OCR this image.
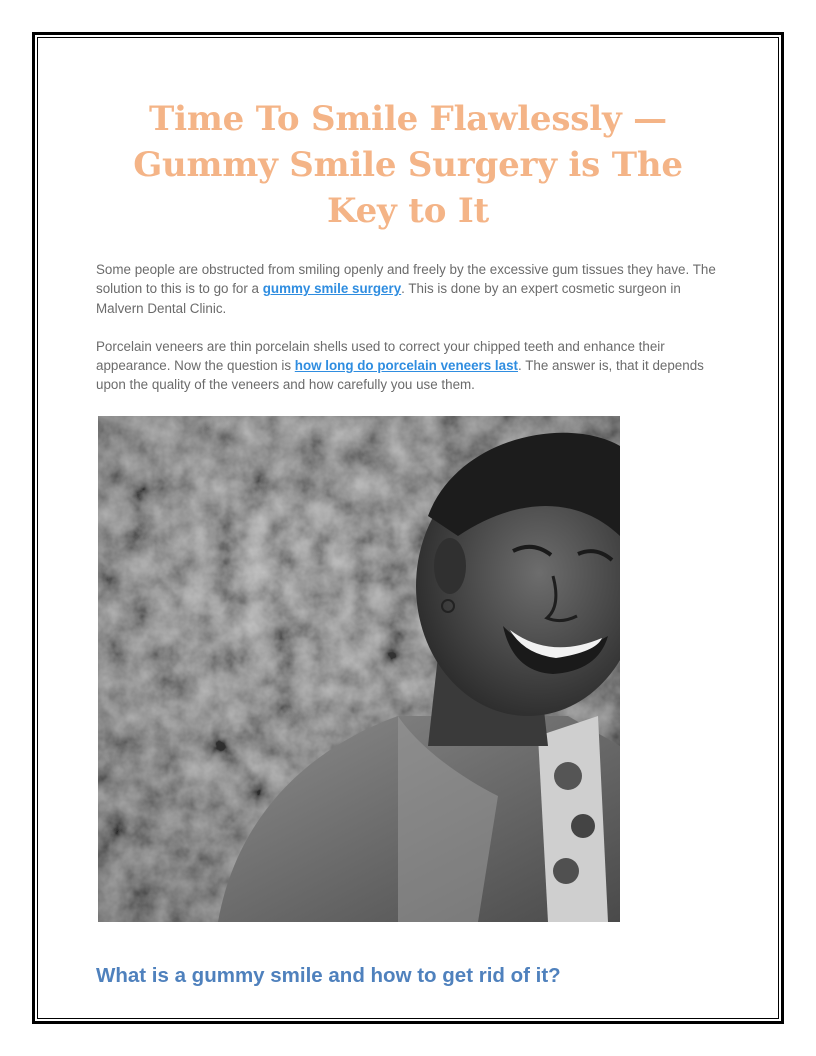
Time To Smile Flawlessly — Gummy Smile Surgery is The Key to It

Some people are obstructed from smiling openly and freely by the excessive gum tissues they have. The solution to this is to go for a gummy smile surgery. This is done by an expert cosmetic surgeon in Malvern Dental Clinic.

Porcelain veneers are thin porcelain shells used to correct your chipped teeth and enhance their appearance. Now the question is how long do porcelain veneers last. The answer is, that it depends upon the quality of the veneers and how carefully you use them.

What is a gummy smile and how to get rid of it?
